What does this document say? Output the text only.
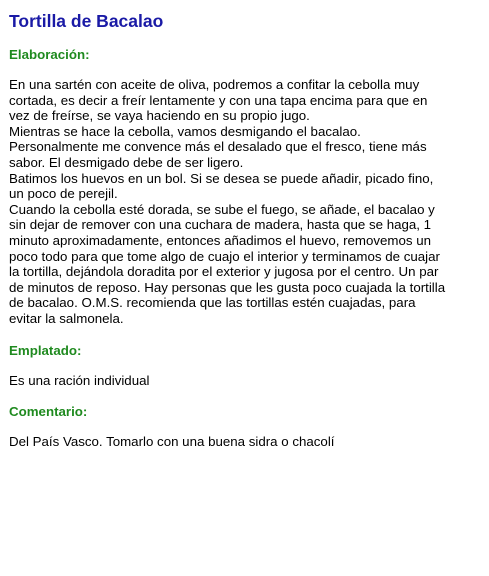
Tortilla de Bacalao
Elaboración:

En una sartén con aceite de oliva, podremos a confitar la cebolla muy
cortada, es decir a freír lentamente y con una tapa encima para que en
vez de freírse, se vaya haciendo en su propio jugo.
Mientras se hace la cebolla, vamos desmigando el bacalao.
Personalmente me convence más el desalado que el fresco, tiene más
sabor. El desmigado debe de ser ligero.
Batimos los huevos en un bol. Si se desea se puede añadir, picado fino,
un poco de perejil.
Cuando la cebolla esté dorada, se sube el fuego, se añade, el bacalao y
sin dejar de remover con una cuchara de madera, hasta que se haga, 1
minuto aproximadamente, entonces añadimos el huevo, removemos un
poco todo para que tome algo de cuajo el interior y terminamos de cuajar
la tortilla, dejándola doradita por el exterior y jugosa por el centro. Un par
de minutos de reposo. Hay personas que les gusta poco cuajada la tortilla
de bacalao. O.M.S. recomienda que las tortillas estén cuajadas, para
evitar la salmonela.

Emplatado:

Es una ración individual

Comentario:

Del País Vasco. Tomarlo con una buena sidra o chacolí
